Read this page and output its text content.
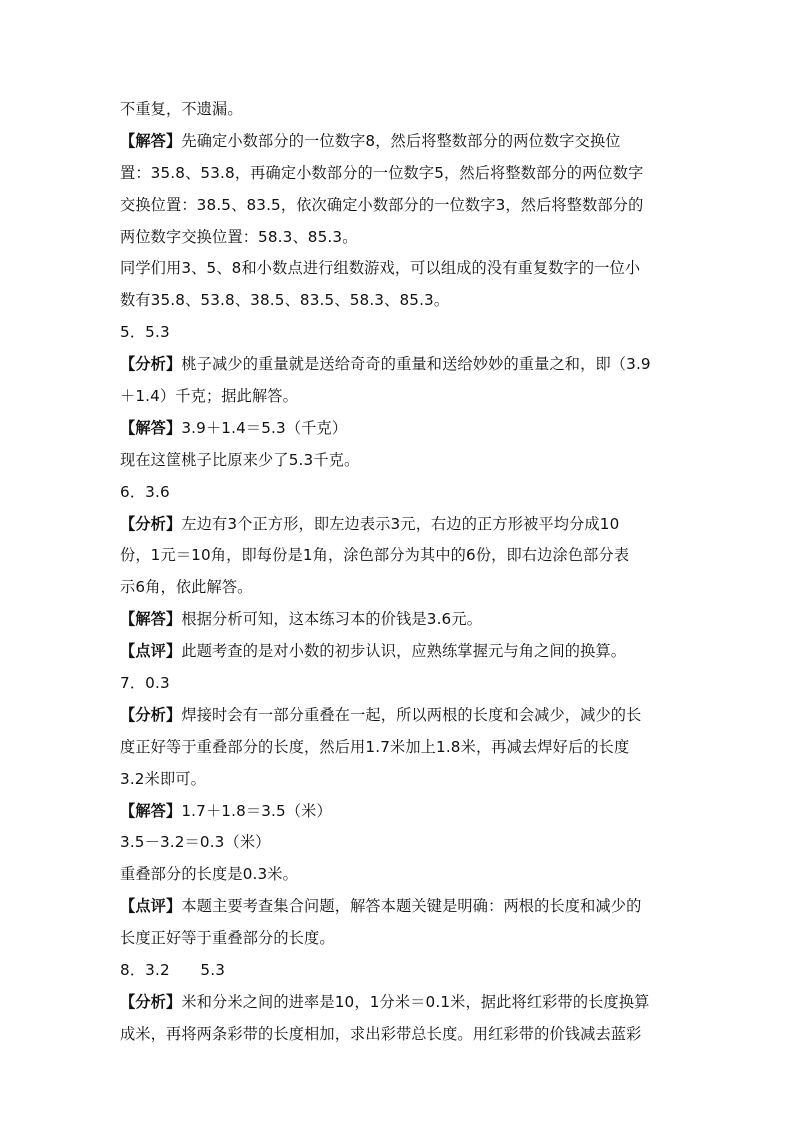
不重复，不遗漏。
【解答】先确定小数部分的一位数字8，然后将整数部分的两位数字交换位
置：35.8、53.8，再确定小数部分的一位数字5，然后将整数部分的两位数字
交换位置：38.5、83.5，依次确定小数部分的一位数字3，然后将整数部分的
两位数字交换位置：58.3、85.3。
同学们用3、5、8和小数点进行组数游戏，可以组成的没有重复数字的一位小
数有35.8、53.8、38.5、83.5、58.3、85.3。
5．5.3
【分析】桃子减少的重量就是送给奇奇的重量和送给妙妙的重量之和，即（3.9
＋1.4）千克；据此解答。
【解答】3.9＋1.4＝5.3（千克）
现在这筐桃子比原来少了5.3千克。
6．3.6
【分析】左边有3个正方形，即左边表示3元，右边的正方形被平均分成10
份，1元＝10角，即每份是1角，涂色部分为其中的6份，即右边涂色部分表
示6角，依此解答。
【解答】根据分析可知，这本练习本的价钱是3.6元。
【点评】此题考查的是对小数的初步认识，应熟练掌握元与角之间的换算。
7．0.3
【分析】焊接时会有一部分重叠在一起，所以两根的长度和会减少，减少的长
度正好等于重叠部分的长度，然后用1.7米加上1.8米，再减去焊好后的长度
3.2米即可。
【解答】1.7＋1.8＝3.5（米）
3.5－3.2＝0.3（米）
重叠部分的长度是0.3米。
【点评】本题主要考查集合问题，解答本题关键是明确：两根的长度和减少的
长度正好等于重叠部分的长度。
8．3.2　　5.3
【分析】米和分米之间的进率是10，1分米＝0.1米，据此将红彩带的长度换算
成米，再将两条彩带的长度相加，求出彩带总长度。用红彩带的价钱减去蓝彩
